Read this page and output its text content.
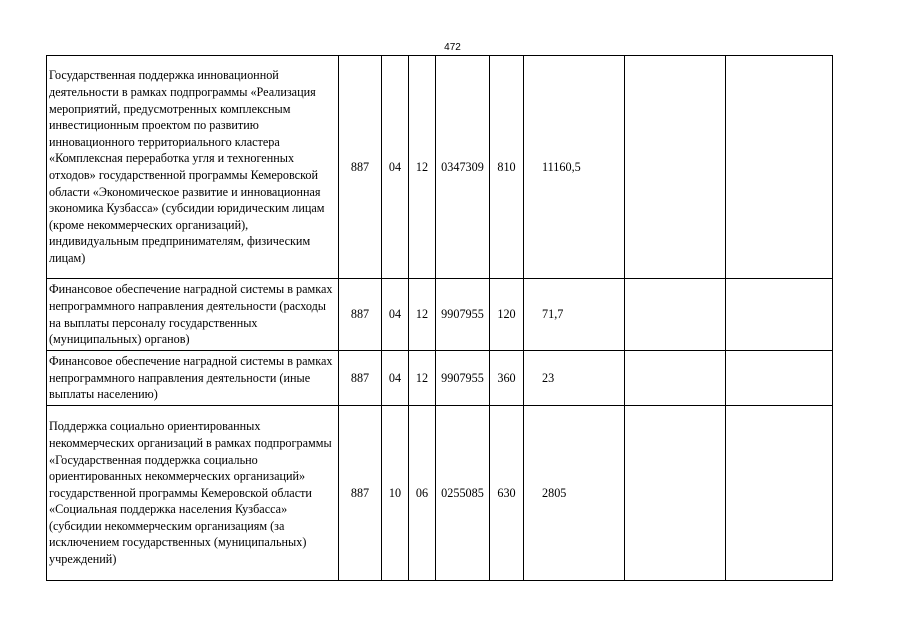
472
Государственная поддержка инновационной деятельности в рамках подпрограммы «Реализация мероприятий, предусмотренных комплексным инвестиционным проектом по развитию инновационного территориального кластера «Комплексная переработка угля и техногенных отходов» государственной программы Кемеровской области «Экономическое развитие и инновационная экономика Кузбасса» (субсидии юридическим лицам (кроме некоммерческих организаций), индивидуальным предпринимателям, физическим лицам)	887	04	12	0347309	810	11160,5		
Финансовое обеспечение наградной системы в рамках непрограммного направления деятельности (расходы на выплаты персоналу государственных (муниципальных) органов)	887	04	12	9907955	120	71,7		
Финансовое обеспечение наградной системы в рамках непрограммного направления деятельности (иные выплаты населению)	887	04	12	9907955	360	23		
Поддержка социально ориентированных некоммерческих организаций в рамках подпрограммы «Государственная поддержка социально ориентированных некоммерческих организаций» государственной программы Кемеровской области «Социальная поддержка населения Кузбасса» (субсидии некоммерческим организациям (за исключением государственных (муниципальных) учреждений)	887	10	06	0255085	630	2805		
